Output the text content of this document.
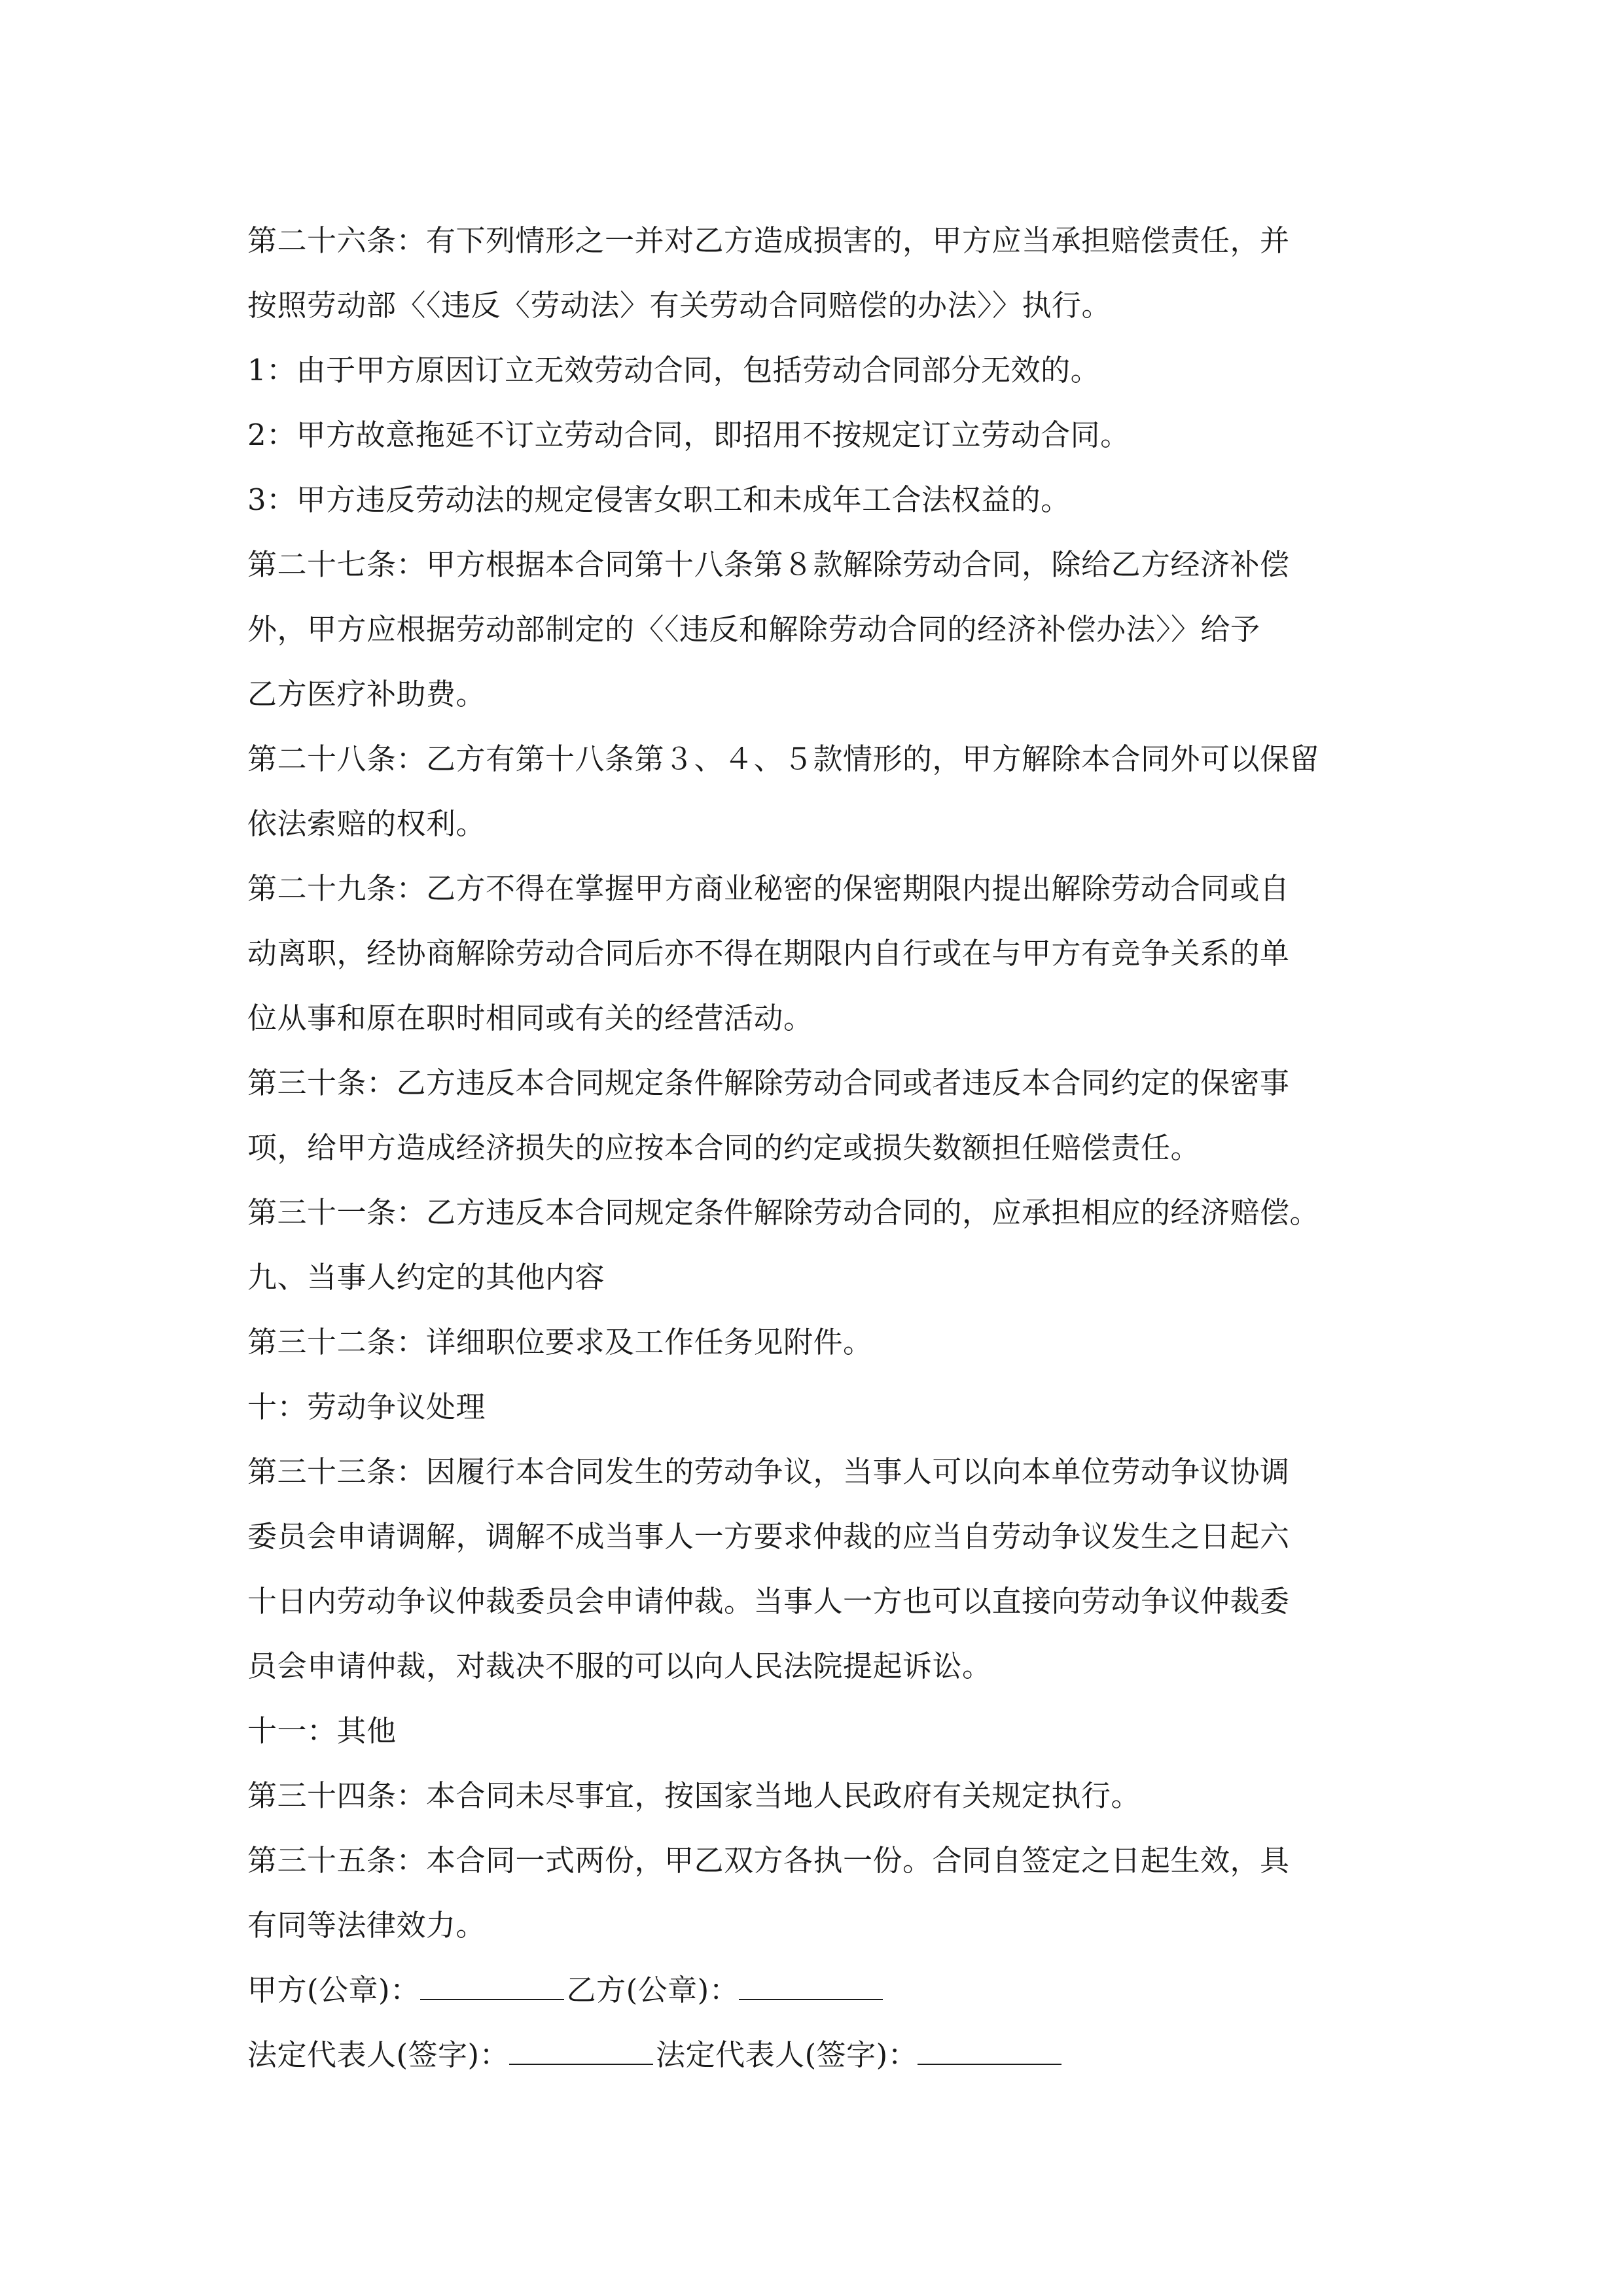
第二十六条：有下列情形之一并对乙方造成损害的，甲方应当承担赔偿责任，并
按照劳动部〈〈违反〈劳动法〉有关劳动合同赔偿的办法〉〉执行。
1：由于甲方原因订立无效劳动合同，包括劳动合同部分无效的。
2：甲方故意拖延不订立劳动合同，即招用不按规定订立劳动合同。
3：甲方违反劳动法的规定侵害女职工和未成年工合法权益的。
第二十七条：甲方根据本合同第十八条第８款解除劳动合同，除给乙方经济补偿
外，甲方应根据劳动部制定的〈〈违反和解除劳动合同的经济补偿办法〉〉给予
乙方医疗补助费。
第二十八条：乙方有第十八条第３、４、５款情形的，甲方解除本合同外可以保留
依法索赔的权利。
第二十九条：乙方不得在掌握甲方商业秘密的保密期限内提出解除劳动合同或自
动离职，经协商解除劳动合同后亦不得在期限内自行或在与甲方有竞争关系的单
位从事和原在职时相同或有关的经营活动。
第三十条：乙方违反本合同规定条件解除劳动合同或者违反本合同约定的保密事
项，给甲方造成经济损失的应按本合同的约定或损失数额担任赔偿责任。
第三十一条：乙方违反本合同规定条件解除劳动合同的，应承担相应的经济赔偿。
九、当事人约定的其他内容
第三十二条：详细职位要求及工作任务见附件。
十：劳动争议处理
第三十三条：因履行本合同发生的劳动争议，当事人可以向本单位劳动争议协调
委员会申请调解，调解不成当事人一方要求仲裁的应当自劳动争议发生之日起六
十日内劳动争议仲裁委员会申请仲裁。当事人一方也可以直接向劳动争议仲裁委
员会申请仲裁，对裁决不服的可以向人民法院提起诉讼。
十一：其他
第三十四条：本合同未尽事宜，按国家当地人民政府有关规定执行。
第三十五条：本合同一式两份，甲乙双方各执一份。合同自签定之日起生效，具
有同等法律效力。
甲方(公章)：	乙方(公章)：
法定代表人(签字)：	法定代表人(签字)：
